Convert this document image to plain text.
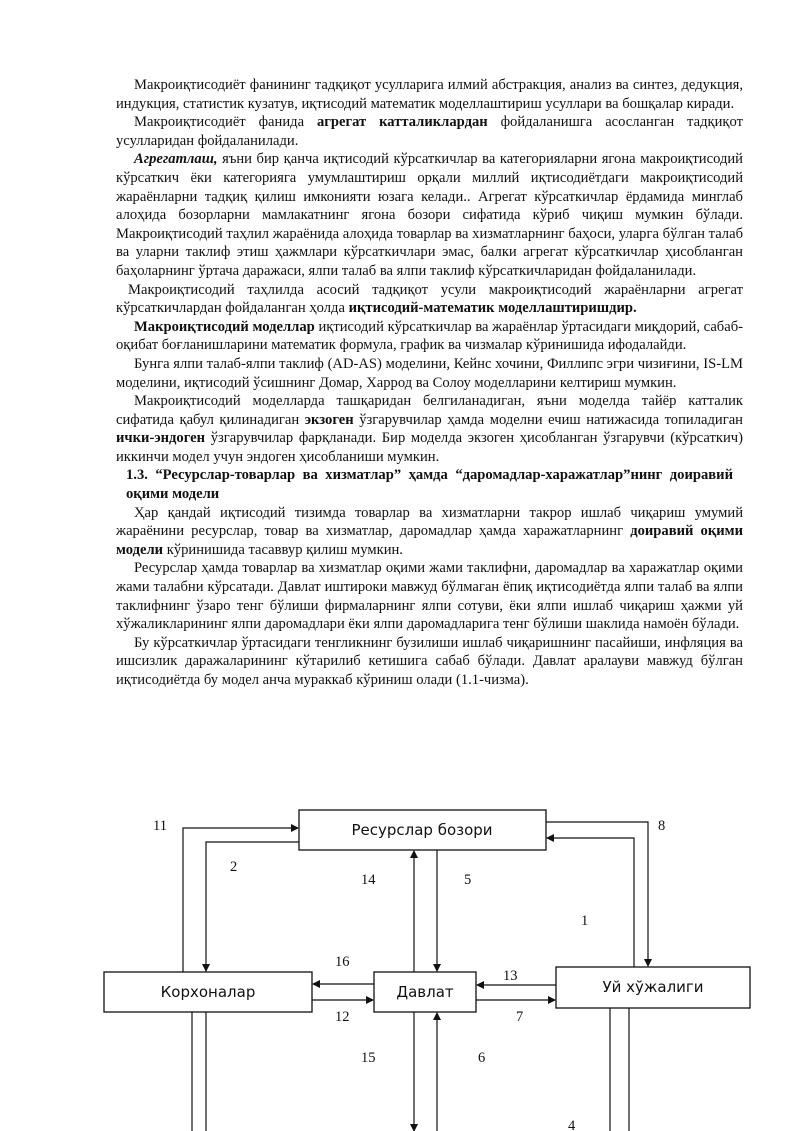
Макроиқтисодиёт фанининг тадқиқот усулларига илмий абстракция, анализ ва синтез, дедукция, индукция, статистик кузатув, иқтисодий математик моделлаштириш усуллари ва бошқалар киради.

Макроиқтисодиёт фанида агрегат катталиклардан фойдаланишга асосланган тадқиқот усулларидан фойдаланилади.

Агрегатлаш, яъни бир қанча иқтисодий кўрсаткичлар ва категорияларни ягона макроиқтисодий кўрсаткич ёки категорияга умумлаштириш орқали миллий иқтисодиётдаги макроиқтисодий жараёнларни тадқиқ қилиш имконияти юзага келади.. Агрегат кўрсаткичлар ёрдамида минглаб алоҳида бозорларни мамлакатнинг ягона бозори сифатида кўриб чиқиш мумкин бўлади. Макроиқтисодий таҳлил жараёнида алоҳида товарлар ва хизматларнинг баҳоси, уларга бўлган талаб ва уларни таклиф этиш ҳажмлари кўрсаткичлари эмас, балки агрегат кўрсаткичлар ҳисобланган баҳоларнинг ўртача даражаси, ялпи талаб ва ялпи таклиф кўрсаткичларидан фойдаланилади.

Макроиқтисодий таҳлилда асосий тадқиқот усули макроиқтисодий жараёнларни агрегат кўрсаткичлардан фойдаланган ҳолда иқтисодий-математик моделлаштиришдир.

Макроиқтисодий моделлар иқтисодий кўрсаткичлар ва жараёнлар ўртасидаги миқдорий, сабаб-оқибат боғланишларини математик формула, график ва чизмалар кўринишида ифодалайди.

Бунга ялпи талаб-ялпи таклиф (AD-AS) моделини, Кейнс хочини, Филлипс эгри чизиғини, IS-LM моделини, иқтисодий ўсишнинг Домар, Харрод ва Солоу моделларини келтириш мумкин.

Макроиқтисодий моделларда ташқаридан белгиланадиган, яъни моделда тайёр катталик сифатида қабул қилинадиган экзоген ўзгарувчилар ҳамда моделни ечиш натижасида топиладиган ички-эндоген ўзгарувчилар фарқланади. Бир моделда экзоген ҳисобланган ўзгарувчи (кўрсаткич) иккинчи модел учун эндоген ҳисобланиши мумкин.

1.3. “Ресурслар-товарлар ва хизматлар” ҳамда “даромадлар-харажатлар”нинг доиравий оқими модели

Ҳар қандай иқтисодий тизимда товарлар ва хизматларни такрор ишлаб чиқариш умумий жараёнини ресурслар, товар ва хизматлар, даромадлар ҳамда харажатларнинг доиравий оқими модели кўринишида тасаввур қилиш мумкин.

Ресурслар ҳамда товарлар ва хизматлар оқими жами таклифни, даромадлар ва харажатлар оқими жами талабни кўрсатади. Давлат иштироки мавжуд бўлмаган ёпиқ иқтисодиётда ялпи талаб ва ялпи таклифнинг ўзаро тенг бўлиши фирмаларнинг ялпи сотуви, ёки ялпи ишлаб чиқариш ҳажми уй хўжаликларининг ялпи даромадлари ёки ялпи даромадларига тенг бўлиши шаклида намоён бўлади.

Бу кўрсаткичлар ўртасидаги тенгликнинг бузилиши ишлаб чиқаришнинг пасайиши, инфляция ва ишсизлик даражаларининг кўтарилиб кетишига сабаб бўлади. Давлат аралауви мавжуд бўлган иқтисодиётда бу модел анча мураккаб кўриниш олади (1.1-чизма).

Ресурслар бозори
Корхоналар	Давлат	Уй хўжалиги
11
2
8
14	5
1
16
13
12	7
15	6
4
